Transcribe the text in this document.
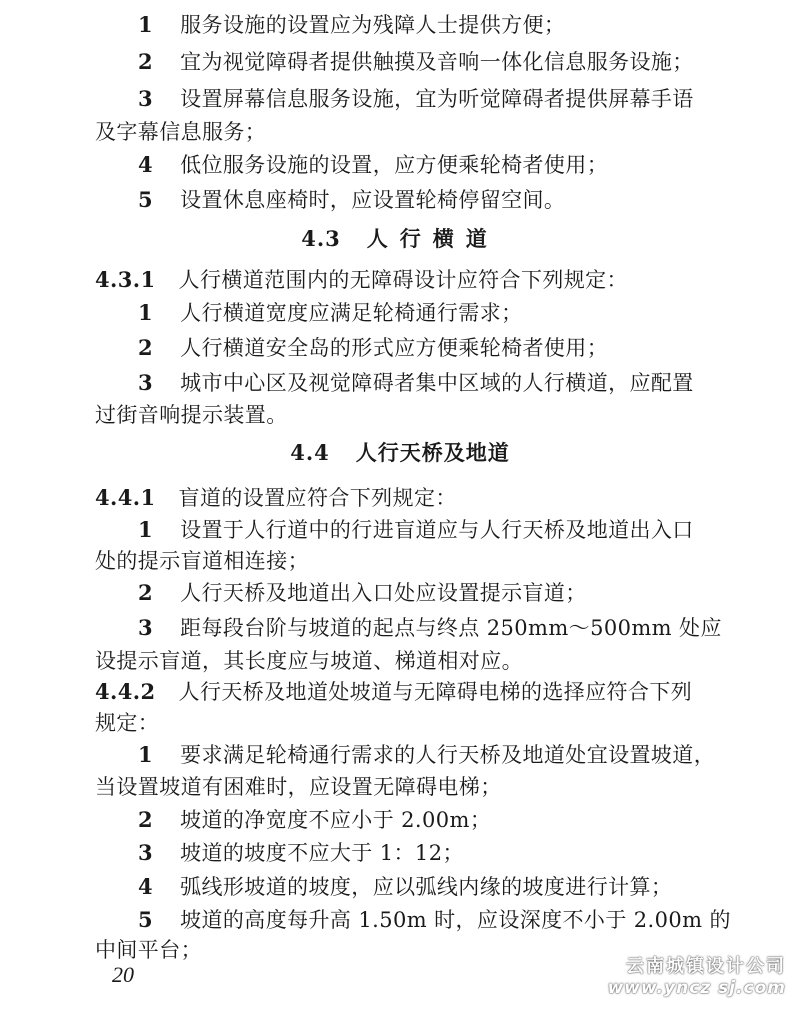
1 服务设施的设置应为残障人士提供方便；
2 宜为视觉障碍者提供触摸及音响一体化信息服务设施；
3 设置屏幕信息服务设施，宜为听觉障碍者提供屏幕手语
及字幕信息服务；
4 低位服务设施的设置，应方便乘轮椅者使用；
5 设置休息座椅时，应设置轮椅停留空间。
4.3 人行横道
4.3.1 人行横道范围内的无障碍设计应符合下列规定：
1 人行横道宽度应满足轮椅通行需求；
2 人行横道安全岛的形式应方便乘轮椅者使用；
3 城市中心区及视觉障碍者集中区域的人行横道，应配置
过街音响提示装置。
4.4 人行天桥及地道
4.4.1 盲道的设置应符合下列规定：
1 设置于人行道中的行进盲道应与人行天桥及地道出入口
处的提示盲道相连接；
2 人行天桥及地道出入口处应设置提示盲道；
3 距每段台阶与坡道的起点与终点 250mm～500mm 处应
设提示盲道，其长度应与坡道、梯道相对应。
4.4.2 人行天桥及地道处坡道与无障碍电梯的选择应符合下列
规定：
1 要求满足轮椅通行需求的人行天桥及地道处宜设置坡道，
当设置坡道有困难时，应设置无障碍电梯；
2 坡道的净宽度不应小于 2.00m；
3 坡道的坡度不应大于 1：12；
4 弧线形坡道的坡度，应以弧线内缘的坡度进行计算；
5 坡道的高度每升高 1.50m 时，应设深度不小于 2.00m 的
中间平台；
20	云南城镇设计公司
www.yncz sj.com
